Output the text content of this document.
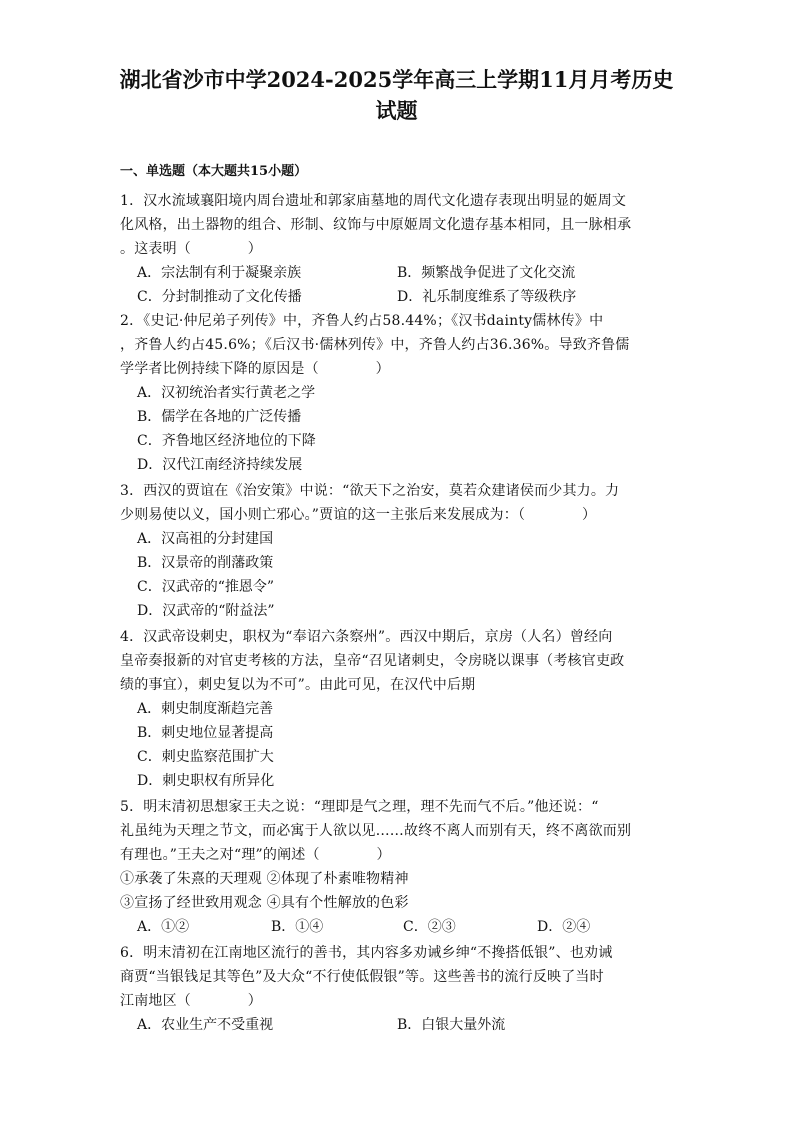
湖北省沙市中学2024-2025学年高三上学期11月月考历史
试题
一、单选题（本大题共15小题）
1．汉水流域襄阳境内周台遗址和郭家庙墓地的周代文化遗存表现出明显的姬周文
化风格，出土器物的组合、形制、纹饰与中原姬周文化遗存基本相同，且一脉相承
。这表明（　　　　）
A．宗法制有利于凝聚亲族	B．频繁战争促进了文化交流
C．分封制推动了文化传播	D．礼乐制度维系了等级秩序
2．《史记·仲尼弟子列传》中，齐鲁人约占58.44%；《汉书dainty儒林传》中
，齐鲁人约占45.6%；《后汉书·儒林列传》中，齐鲁人约占36.36%。导致齐鲁儒
学学者比例持续下降的原因是（　　　　）
A．汉初统治者实行黄老之学
B．儒学在各地的广泛传播
C．齐鲁地区经济地位的下降
D．汉代江南经济持续发展
3．西汉的贾谊在《治安策》中说：“欲天下之治安，莫若众建诸侯而少其力。力
少则易使以义，国小则亡邪心。”贾谊的这一主张后来发展成为：（　　　　）
A．汉高祖的分封建国
B．汉景帝的削藩政策
C．汉武帝的“推恩令”
D．汉武帝的“附益法”
4．汉武帝设刺史，职权为“奉诏六条察州”。西汉中期后，京房（人名）曾经向
皇帝奏报新的对官吏考核的方法，皇帝“召见诸刺史，令房晓以课事（考核官吏政
绩的事宜），刺史复以为不可”。由此可见，在汉代中后期
A．刺史制度渐趋完善
B．刺史地位显著提高
C．刺史监察范围扩大
D．刺史职权有所异化
5．明末清初思想家王夫之说：“理即是气之理，理不先而气不后。”他还说：“
礼虽纯为天理之节文，而必寓于人欲以见……故终不离人而别有天，终不离欲而别
有理也。”王夫之对“理”的阐述（　　　　）
①承袭了朱熹的天理观 ②体现了朴素唯物精神
③宣扬了经世致用观念 ④具有个性解放的色彩
A．①②	B．①④	C．②③	D．②④
6．明末清初在江南地区流行的善书，其内容多劝诫乡绅“不搀搭低银”、也劝诫
商贾“当银钱足其等色”及大众“不行使低假银”等。这些善书的流行反映了当时
江南地区（　　　　）
A．农业生产不受重视	B．白银大量外流
